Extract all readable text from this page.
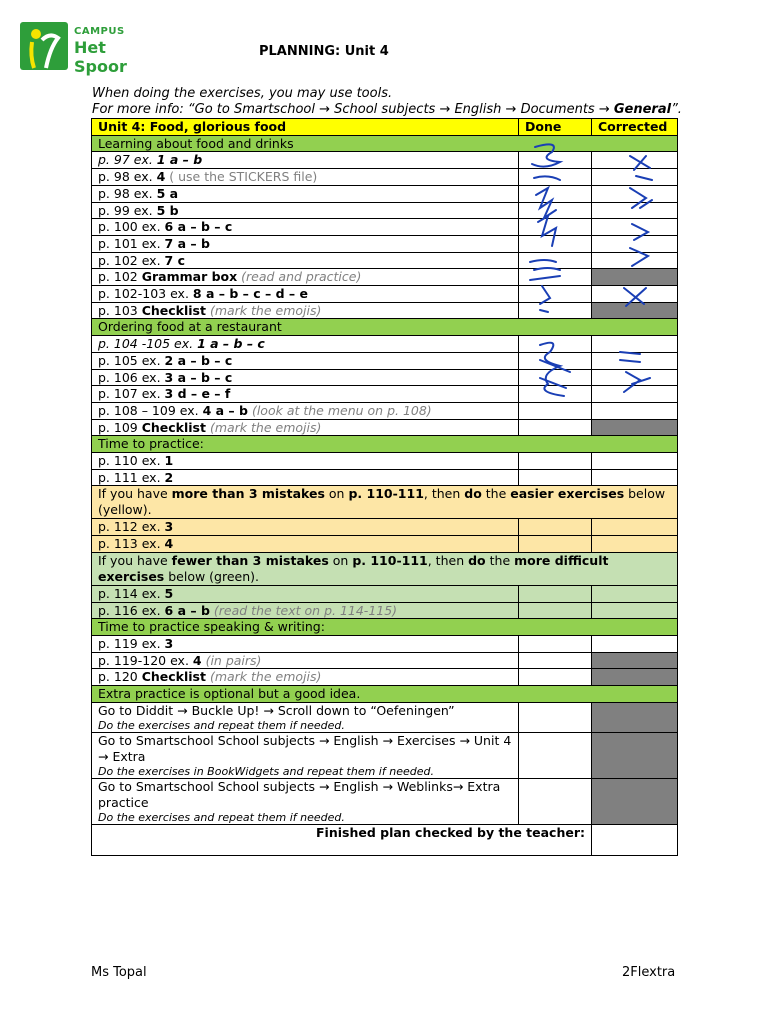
CAMPUS
Het Spoor
PLANNING: Unit 4
When doing the exercises, you may use tools.
For more info: “Go to Smartschool → School subjects → English → Documents → General”.
Unit 4: Food, glorious food	Done	Corrected
Learning about food and drinks		
p. 97 ex. 1 a – b		
p. 98 ex. 4 ( use the STICKERS file)		
p. 98 ex. 5 a		
p. 99 ex. 5 b		
p. 100 ex. 6 a – b – c		
p. 101 ex. 7 a – b		
p. 102 ex. 7 c		
p. 102 Grammar box (read and practice)		
p. 102-103 ex. 8 a – b – c – d – e		
p. 103 Checklist (mark the emojis)		
Ordering food at a restaurant		
p. 104 -105 ex. 1 a – b – c		
p. 105 ex. 2 a – b – c		
p. 106 ex. 3 a – b – c		
p. 107 ex. 3 d – e – f		
p. 108 – 109 ex. 4 a – b (look at the menu on p. 108)		
p. 109 Checklist (mark the emojis)		
Time to practice:		
p. 110 ex. 1		
p. 111 ex. 2		
If you have more than 3 mistakes on p. 110-111, then do the easier exercises below (yellow).		
p. 112 ex. 3		
p. 113 ex. 4		
If you have fewer than 3 mistakes on p. 110-111, then do the more difficult exercises below (green).		
p. 114 ex. 5		
p. 116 ex. 6 a – b (read the text on p. 114-115)		
Time to practice speaking & writing:		
p. 119 ex. 3		
p. 119-120 ex. 4 (in pairs)		
p. 120 Checklist (mark the emojis)		
Extra practice is optional but a good idea.		

Go to Diddit → Buckle Up! → Scroll down to “Oefeningen”
Do the exercises and repeat them if needed.		

Go to Smartschool School subjects → English → Exercises → Unit 4 → Extra
Do the exercises in BookWidgets and repeat them if needed.		

Go to Smartschool School subjects → English → Weblinks→ Extra practice
Do the exercises and repeat them if needed.		

Finished plan checked by the teacher:		
Ms Topal	2Flextra
